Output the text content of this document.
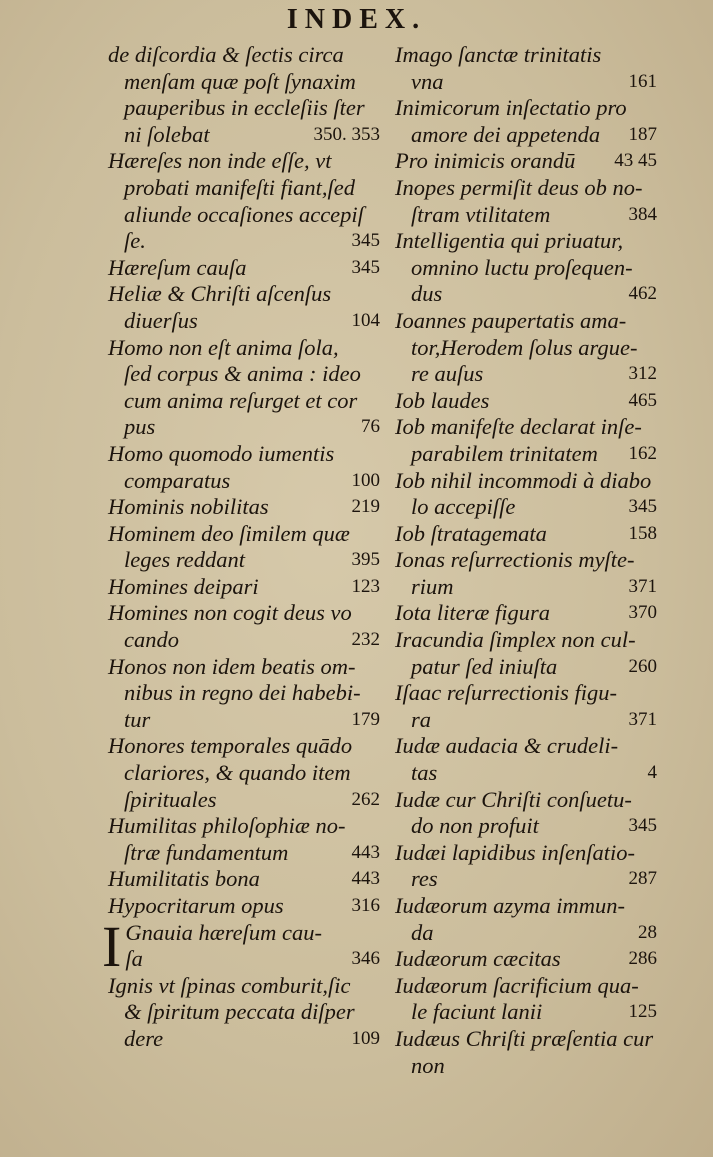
INDEX.
de diſcordia & ſectis circa
menſam quæ poſt ſynaxim
pauperibus in eccleſiis ſter
ni ſolebat	350. 353
Hæreſes non inde eſſe, vt
probati manifeſti fiant,ſed
aliunde occaſiones accepiſ
ſe.	345
Hæreſum cauſa	345
Heliæ & Chriſti aſcenſus
diuerſus	104
Homo non eſt anima ſola,
ſed corpus & anima : ideo
cum anima reſurget et cor
pus	76
Homo quomodo iumentis
comparatus	100
Hominis nobilitas	219
Hominem deo ſimilem quæ
leges reddant	395
Homines deipari	123
Homines non cogit deus vo
cando	232
Honos non idem beatis om-
nibus in regno dei habebi-
tur	179
Honores temporales quādo
clariores, & quando item
ſpirituales	262
Humilitas philoſophiæ no-
ſtræ fundamentum	443
Humilitatis bona	443
Hypocritarum opus	316
I Gnauia hæreſum cau-
ſa	346
Ignis vt ſpinas comburit,ſic
& ſpiritum peccata diſper
dere	109
Imago ſanctæ trinitatis
vna	161
Inimicorum inſectatio pro
amore dei appetenda	187
Pro inimicis orandū	43 45
Inopes permiſit deus ob no-
ſtram vtilitatem	384
Intelligentia qui priuatur,
omnino luctu proſequen-
dus	462
Ioannes paupertatis ama-
tor,Herodem ſolus argue-
re auſus	312
Iob laudes	465
Iob manifeſte declarat inſe-
parabilem trinitatem	162
Iob nihil incommodi à diabo
lo accepiſſe	345
Iob ſtratagemata	158
Ionas reſurrectionis myſte-
rium	371
Iota literæ figura	370
Iracundia ſimplex non cul-
patur ſed iniuſta	260
Iſaac reſurrectionis figu-
ra	371
Iudæ audacia & crudeli-
tas	4
Iudæ cur Chriſti conſuetu-
do non profuit	345
Iudæi lapidibus inſenſatio-
res	287
Iudæorum azyma immun-
da	28
Iudæorum cæcitas	286
Iudæorum ſacrificium qua-
le faciunt lanii	125
Iudæus Chriſti præſentia cur
non
